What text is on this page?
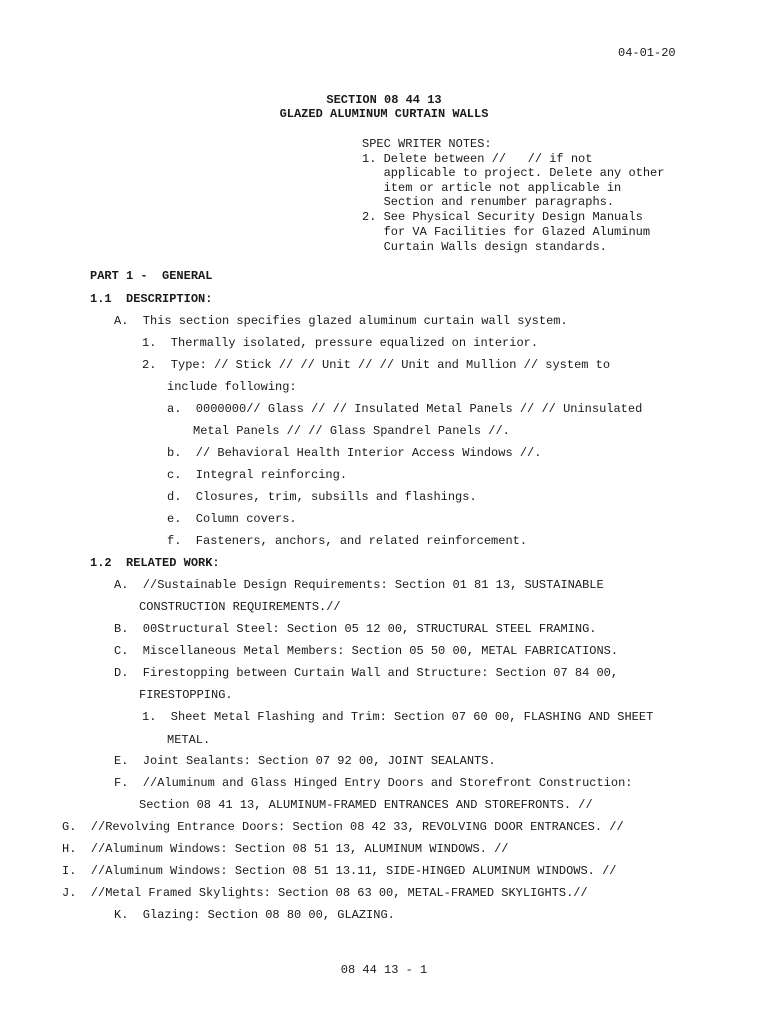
04-01-20
SECTION 08 44 13
GLAZED ALUMINUM CURTAIN WALLS
SPEC WRITER NOTES:
1. Delete between //   // if not
applicable to project. Delete any other
item or article not applicable in
Section and renumber paragraphs.
2. See Physical Security Design Manuals
for VA Facilities for Glazed Aluminum
Curtain Walls design standards.
PART 1 -  GENERAL
1.1  DESCRIPTION:
A.  This section specifies glazed aluminum curtain wall system.
1.  Thermally isolated, pressure equalized on interior.
2.  Type: // Stick // // Unit // // Unit and Mullion // system to
include following:
a.  0000000// Glass // // Insulated Metal Panels // // Uninsulated
Metal Panels // // Glass Spandrel Panels //.
b.  // Behavioral Health Interior Access Windows //.
c.  Integral reinforcing.
d.  Closures, trim, subsills and flashings.
e.  Column covers.
f.  Fasteners, anchors, and related reinforcement.
1.2  RELATED WORK:
A.  //Sustainable Design Requirements: Section 01 81 13, SUSTAINABLE
CONSTRUCTION REQUIREMENTS.//
B.  00Structural Steel: Section 05 12 00, STRUCTURAL STEEL FRAMING.
C.  Miscellaneous Metal Members: Section 05 50 00, METAL FABRICATIONS.
D.  Firestopping between Curtain Wall and Structure: Section 07 84 00,
FIRESTOPPING.
1.  Sheet Metal Flashing and Trim: Section 07 60 00, FLASHING AND SHEET
METAL.
E.  Joint Sealants: Section 07 92 00, JOINT SEALANTS.
F.  //Aluminum and Glass Hinged Entry Doors and Storefront Construction:
Section 08 41 13, ALUMINUM-FRAMED ENTRANCES AND STOREFRONTS. //
G.  //Revolving Entrance Doors: Section 08 42 33, REVOLVING DOOR ENTRANCES. //
H.  //Aluminum Windows: Section 08 51 13, ALUMINUM WINDOWS. //
I.  //Aluminum Windows: Section 08 51 13.11, SIDE-HINGED ALUMINUM WINDOWS. //
J.  //Metal Framed Skylights: Section 08 63 00, METAL-FRAMED SKYLIGHTS.//
K.  Glazing: Section 08 80 00, GLAZING.
08 44 13 - 1
